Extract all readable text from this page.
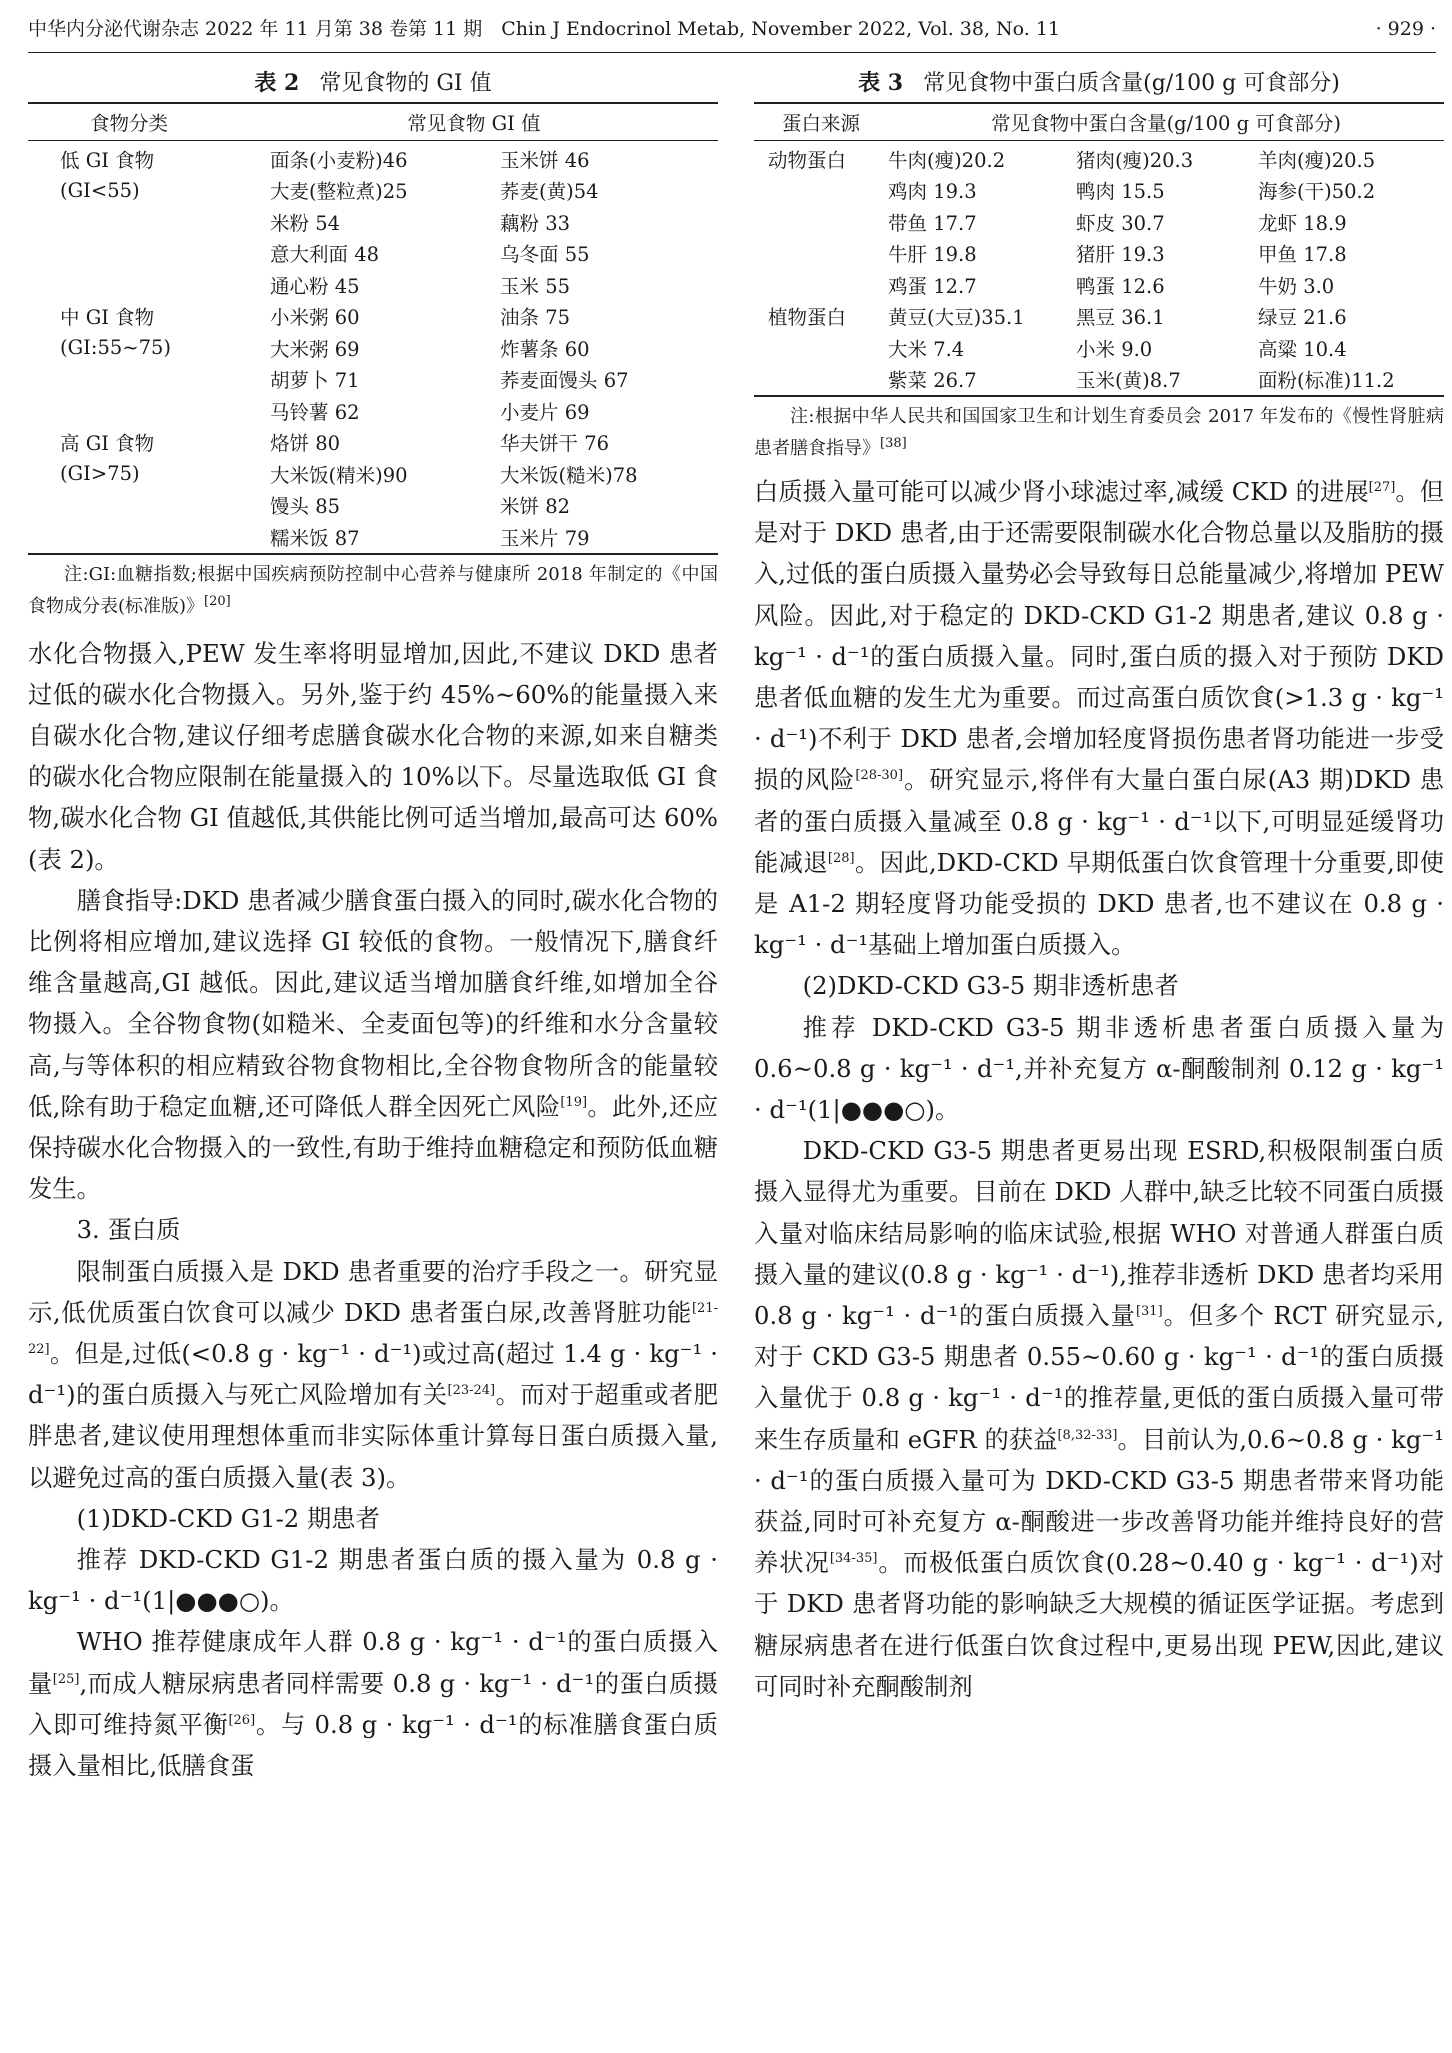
中华内分泌代谢杂志 2022 年 11 月第 38 卷第 11 期　Chin J Endocrinol Metab, November 2022, Vol. 38, No. 11	· 929 ·
表 2 常见食物的 GI 值
食物分类	常见食物 GI 值	
低 GI 食物	面条(小麦粉)46	玉米饼 46
(GI<55)	大麦(整粒煮)25	荞麦(黄)54
	米粉 54	藕粉 33
	意大利面 48	乌冬面 55
	通心粉 45	玉米 55
中 GI 食物	小米粥 60	油条 75
(GI:55~75)	大米粥 69	炸薯条 60
	胡萝卜 71	荞麦面馒头 67
	马铃薯 62	小麦片 69
高 GI 食物	烙饼 80	华夫饼干 76
(GI>75)	大米饭(精米)90	大米饭(糙米)78
	馒头 85	米饼 82
	糯米饭 87	玉米片 79
注:GI:血糖指数;根据中国疾病预防控制中心营养与健康所 2018 年制定的《中国食物成分表(标准版)》[20]

水化合物摄入,PEW 发生率将明显增加,因此,不建议 DKD 患者过低的碳水化合物摄入。另外,鉴于约 45%~60%的能量摄入来自碳水化合物,建议仔细考虑膳食碳水化合物的来源,如来自糖类的碳水化合物应限制在能量摄入的 10%以下。尽量选取低 GI 食物,碳水化合物 GI 值越低,其供能比例可适当增加,最高可达 60%(表 2)。

膳食指导:DKD 患者减少膳食蛋白摄入的同时,碳水化合物的比例将相应增加,建议选择 GI 较低的食物。一般情况下,膳食纤维含量越高,GI 越低。因此,建议适当增加膳食纤维,如增加全谷物摄入。全谷物食物(如糙米、全麦面包等)的纤维和水分含量较高,与等体积的相应精致谷物食物相比,全谷物食物所含的能量较低,除有助于稳定血糖,还可降低人群全因死亡风险[19]。此外,还应保持碳水化合物摄入的一致性,有助于维持血糖稳定和预防低血糖发生。

3. 蛋白质

限制蛋白质摄入是 DKD 患者重要的治疗手段之一。研究显示,低优质蛋白饮食可以减少 DKD 患者蛋白尿,改善肾脏功能[21-22]。但是,过低(<0.8 g · kg⁻¹ · d⁻¹)或过高(超过 1.4 g · kg⁻¹ · d⁻¹)的蛋白质摄入与死亡风险增加有关[23-24]。而对于超重或者肥胖患者,建议使用理想体重而非实际体重计算每日蛋白质摄入量,以避免过高的蛋白质摄入量(表 3)。

(1)DKD-CKD G1-2 期患者

推荐 DKD-CKD G1-2 期患者蛋白质的摄入量为 0.8 g · kg⁻¹ · d⁻¹(1|●●●○)。

WHO 推荐健康成年人群 0.8 g · kg⁻¹ · d⁻¹的蛋白质摄入量[25],而成人糖尿病患者同样需要 0.8 g · kg⁻¹ · d⁻¹的蛋白质摄入即可维持氮平衡[26]。与 0.8 g · kg⁻¹ · d⁻¹的标准膳食蛋白质摄入量相比,低膳食蛋

表 3 常见食物中蛋白质含量(g/100 g 可食部分)
蛋白来源	常见食物中蛋白含量(g/100 g 可食部分)		
动物蛋白	牛肉(瘦)20.2	猪肉(瘦)20.3	羊肉(瘦)20.5
	鸡肉 19.3	鸭肉 15.5	海参(干)50.2
	带鱼 17.7	虾皮 30.7	龙虾 18.9
	牛肝 19.8	猪肝 19.3	甲鱼 17.8
	鸡蛋 12.7	鸭蛋 12.6	牛奶 3.0
植物蛋白	黄豆(大豆)35.1	黑豆 36.1	绿豆 21.6
	大米 7.4	小米 9.0	高粱 10.4
	紫菜 26.7	玉米(黄)8.7	面粉(标准)11.2
注:根据中华人民共和国国家卫生和计划生育委员会 2017 年发布的《慢性肾脏病患者膳食指导》[38]

白质摄入量可能可以减少肾小球滤过率,减缓 CKD 的进展[27]。但是对于 DKD 患者,由于还需要限制碳水化合物总量以及脂肪的摄入,过低的蛋白质摄入量势必会导致每日总能量减少,将增加 PEW 风险。因此,对于稳定的 DKD-CKD G1-2 期患者,建议 0.8 g · kg⁻¹ · d⁻¹的蛋白质摄入量。同时,蛋白质的摄入对于预防 DKD 患者低血糖的发生尤为重要。而过高蛋白质饮食(>1.3 g · kg⁻¹ · d⁻¹)不利于 DKD 患者,会增加轻度肾损伤患者肾功能进一步受损的风险[28-30]。研究显示,将伴有大量白蛋白尿(A3 期)DKD 患者的蛋白质摄入量减至 0.8 g · kg⁻¹ · d⁻¹以下,可明显延缓肾功能减退[28]。因此,DKD-CKD 早期低蛋白饮食管理十分重要,即使是 A1-2 期轻度肾功能受损的 DKD 患者,也不建议在 0.8 g · kg⁻¹ · d⁻¹基础上增加蛋白质摄入。

(2)DKD-CKD G3-5 期非透析患者

推荐 DKD-CKD G3-5 期非透析患者蛋白质摄入量为 0.6~0.8 g · kg⁻¹ · d⁻¹,并补充复方 α-酮酸制剂 0.12 g · kg⁻¹ · d⁻¹(1|●●●○)。

DKD-CKD G3-5 期患者更易出现 ESRD,积极限制蛋白质摄入显得尤为重要。目前在 DKD 人群中,缺乏比较不同蛋白质摄入量对临床结局影响的临床试验,根据 WHO 对普通人群蛋白质摄入量的建议(0.8 g · kg⁻¹ · d⁻¹),推荐非透析 DKD 患者均采用 0.8 g · kg⁻¹ · d⁻¹的蛋白质摄入量[31]。但多个 RCT 研究显示,对于 CKD G3-5 期患者 0.55~0.60 g · kg⁻¹ · d⁻¹的蛋白质摄入量优于 0.8 g · kg⁻¹ · d⁻¹的推荐量,更低的蛋白质摄入量可带来生存质量和 eGFR 的获益[8,32-33]。目前认为,0.6~0.8 g · kg⁻¹ · d⁻¹的蛋白质摄入量可为 DKD-CKD G3-5 期患者带来肾功能获益,同时可补充复方 α-酮酸进一步改善肾功能并维持良好的营养状况[34-35]。而极低蛋白质饮食(0.28~0.40 g · kg⁻¹ · d⁻¹)对于 DKD 患者肾功能的影响缺乏大规模的循证医学证据。考虑到糖尿病患者在进行低蛋白饮食过程中,更易出现 PEW,因此,建议可同时补充酮酸制剂
